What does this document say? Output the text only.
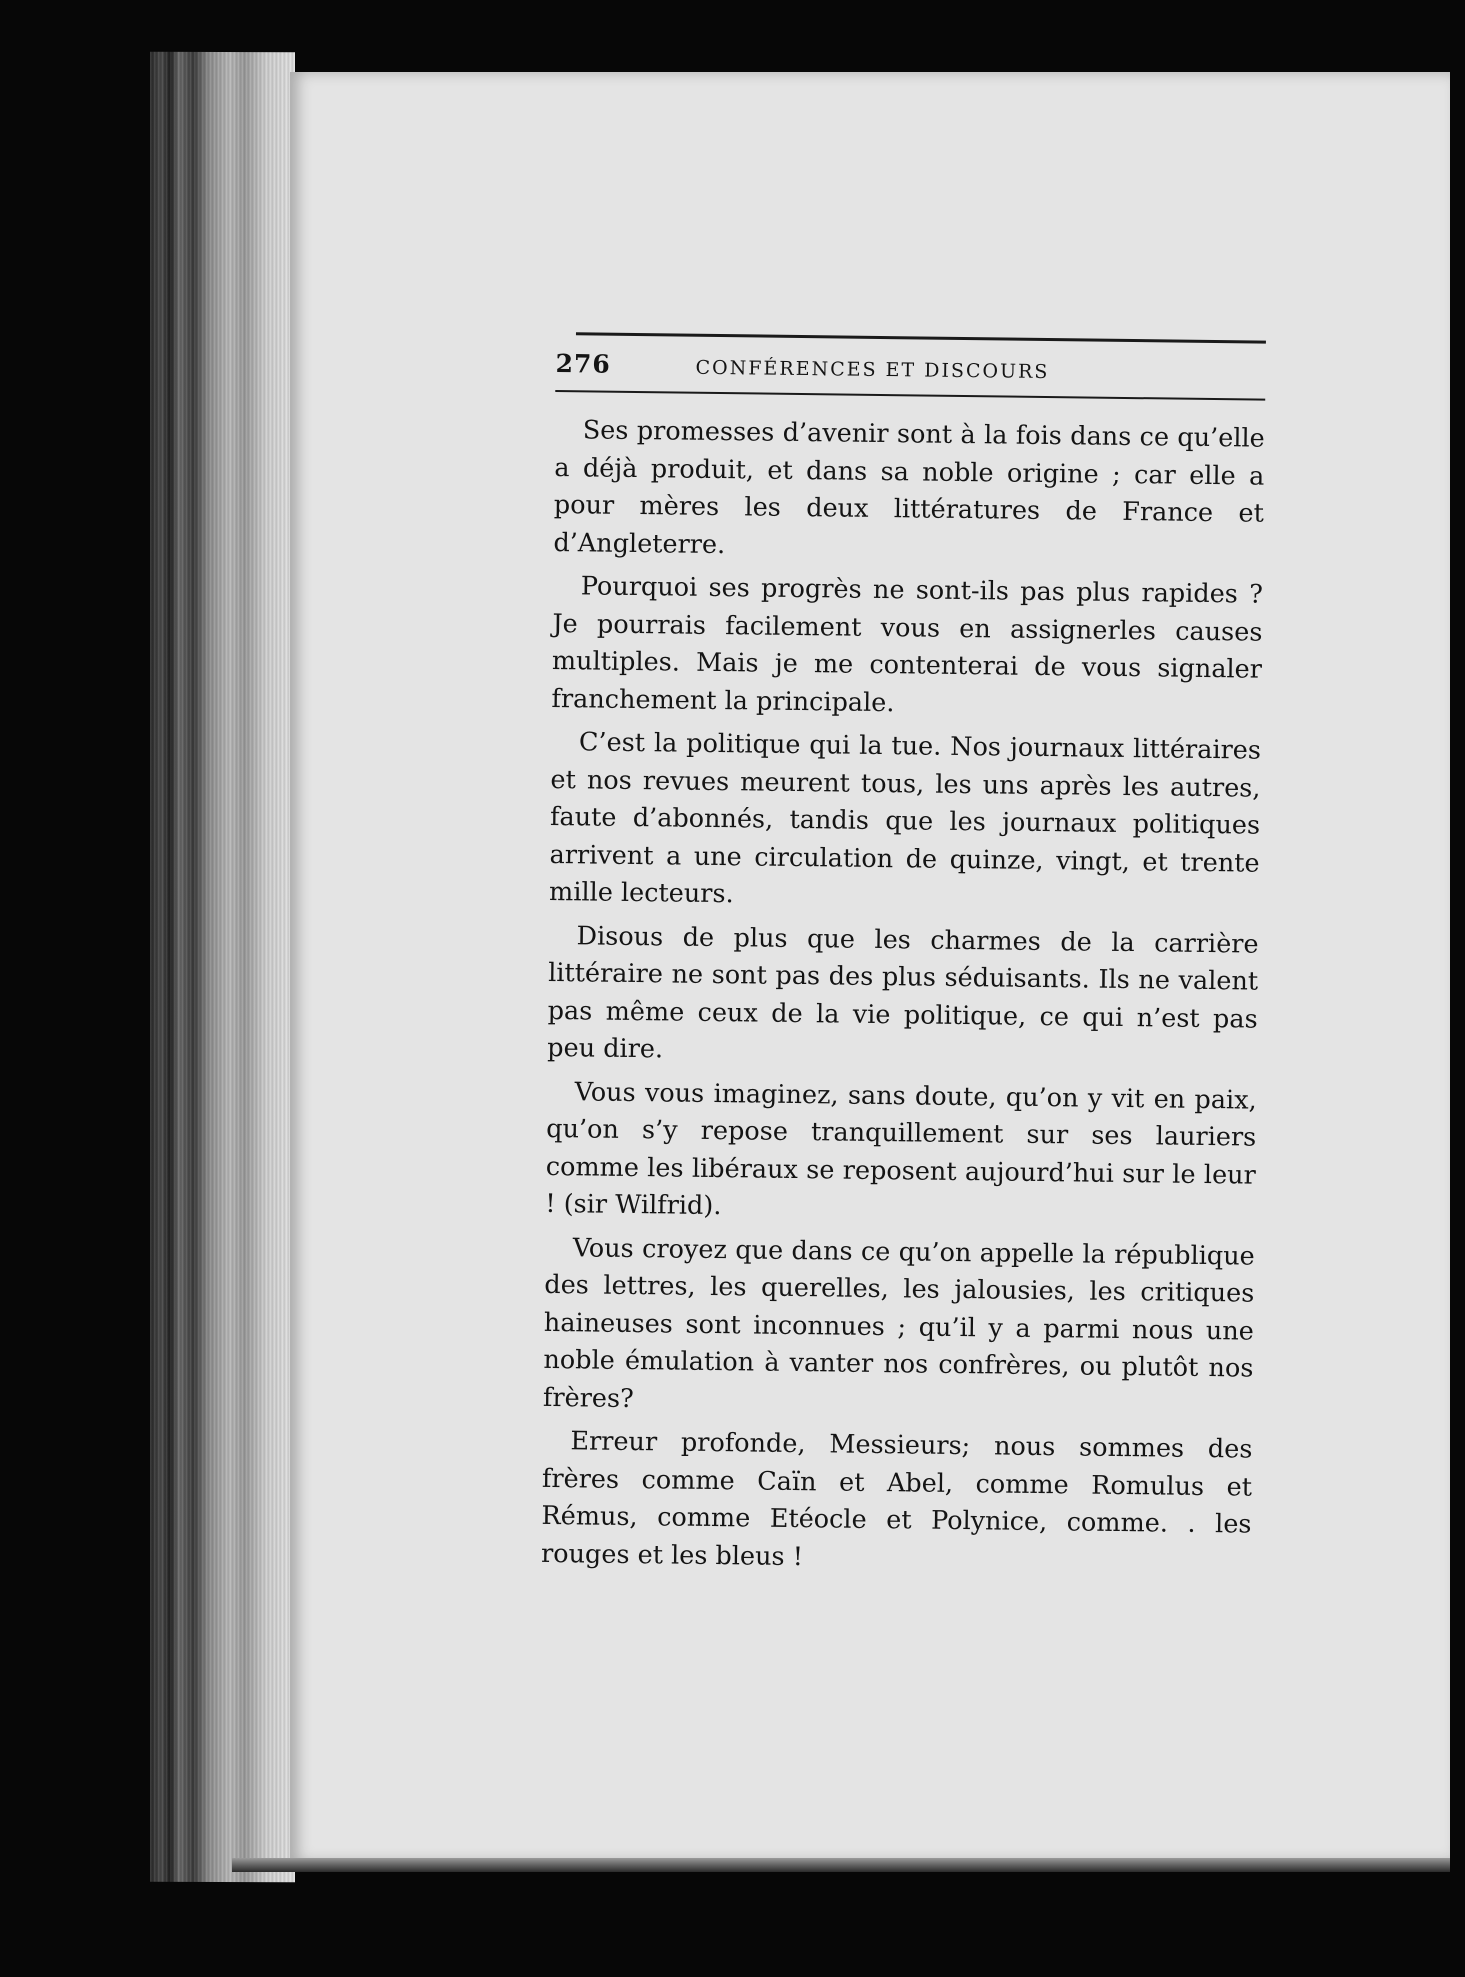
276	CONFÉRENCES ET DISCOURS

Ses promesses d’avenir sont à la fois dans ce qu’elle a déjà produit, et dans sa noble origine ; car elle a pour mères les deux littératures de France et d’Angleterre.

Pourquoi ses progrès ne sont-ils pas plus rapides ? Je pourrais facilement vous en assignerles causes multiples. Mais je me contenterai de vous signaler franchement la principale.

C’est la politique qui la tue. Nos journaux littéraires et nos revues meurent tous, les uns après les autres, faute d’abonnés, tandis que les journaux politiques arrivent a une circulation de quinze, vingt, et trente mille lecteurs.

Disous de plus que les charmes de la carrière littéraire ne sont pas des plus séduisants. Ils ne valent pas même ceux de la vie politique, ce qui n’est pas peu dire.

Vous vous imaginez, sans doute, qu’on y vit en paix, qu’on s’y repose tranquillement sur ses lauriers comme les libéraux se reposent aujourd’hui sur le leur ! (sir Wilfrid).

Vous croyez que dans ce qu’on appelle la république des lettres, les querelles, les jalousies, les critiques haineuses sont inconnues ; qu’il y a parmi nous une noble émulation à vanter nos confrères, ou plutôt nos frères?

Erreur profonde, Messieurs; nous sommes des frères comme Caïn et Abel, comme Romulus et Rémus, comme Etéocle et Polynice, comme. . les rouges et les bleus !
